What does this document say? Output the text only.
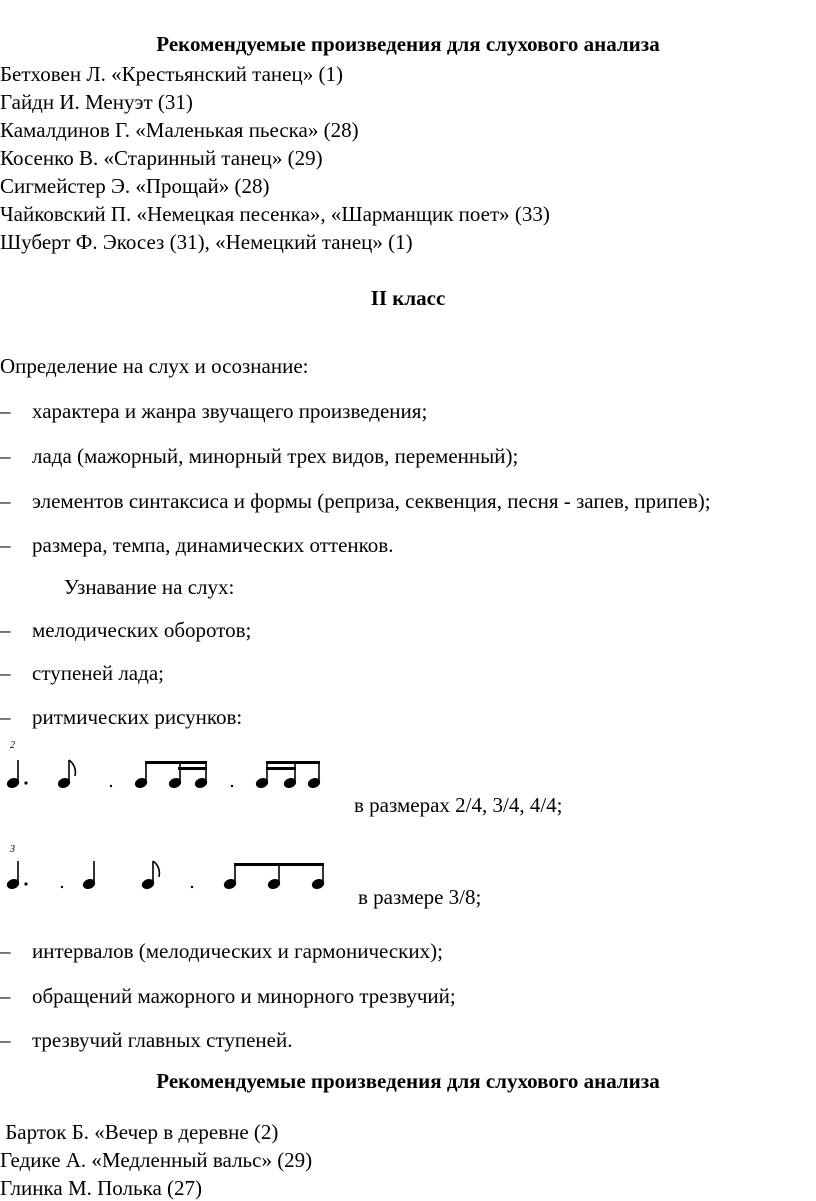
Рекомендуемые произведения для слухового анализа
Бетховен Л. «Крестьянский танец» (1)
Гайдн И. Менуэт (31)
Камалдинов Г. «Маленькая пьеска» (28)
Косенко В. «Старинный танец» (29)
Сигмейстер Э. «Прощай» (28)
Чайковский П. «Немецкая песенка», «Шарманщик поет» (33)
Шуберт Ф. Экосез (31), «Немецкий танец» (1)
II класс
Определение на слух и осознание:
– характера и жанра звучащего произведения;
– лада (мажорный, минорный трех видов, переменный);
– элементов синтаксиса и формы (реприза, секвенция, песня - запев, припев);
– размера, темпа, динамических оттенков.
Узнавание на слух:
– мелодических оборотов;
– ступеней лада;
– ритмических рисунков:
2
в размерах 2/4, 3/4, 4/4;
3
в размере 3/8;
– интервалов (мелодических и гармонических);
– обращений мажорного и минорного трезвучий;
– трезвучий главных ступеней.
Рекомендуемые произведения для слухового анализа
Барток Б. «Вечер в деревне (2)
Гедике А. «Медленный вальс» (29)
Глинка М. Полька (27)
